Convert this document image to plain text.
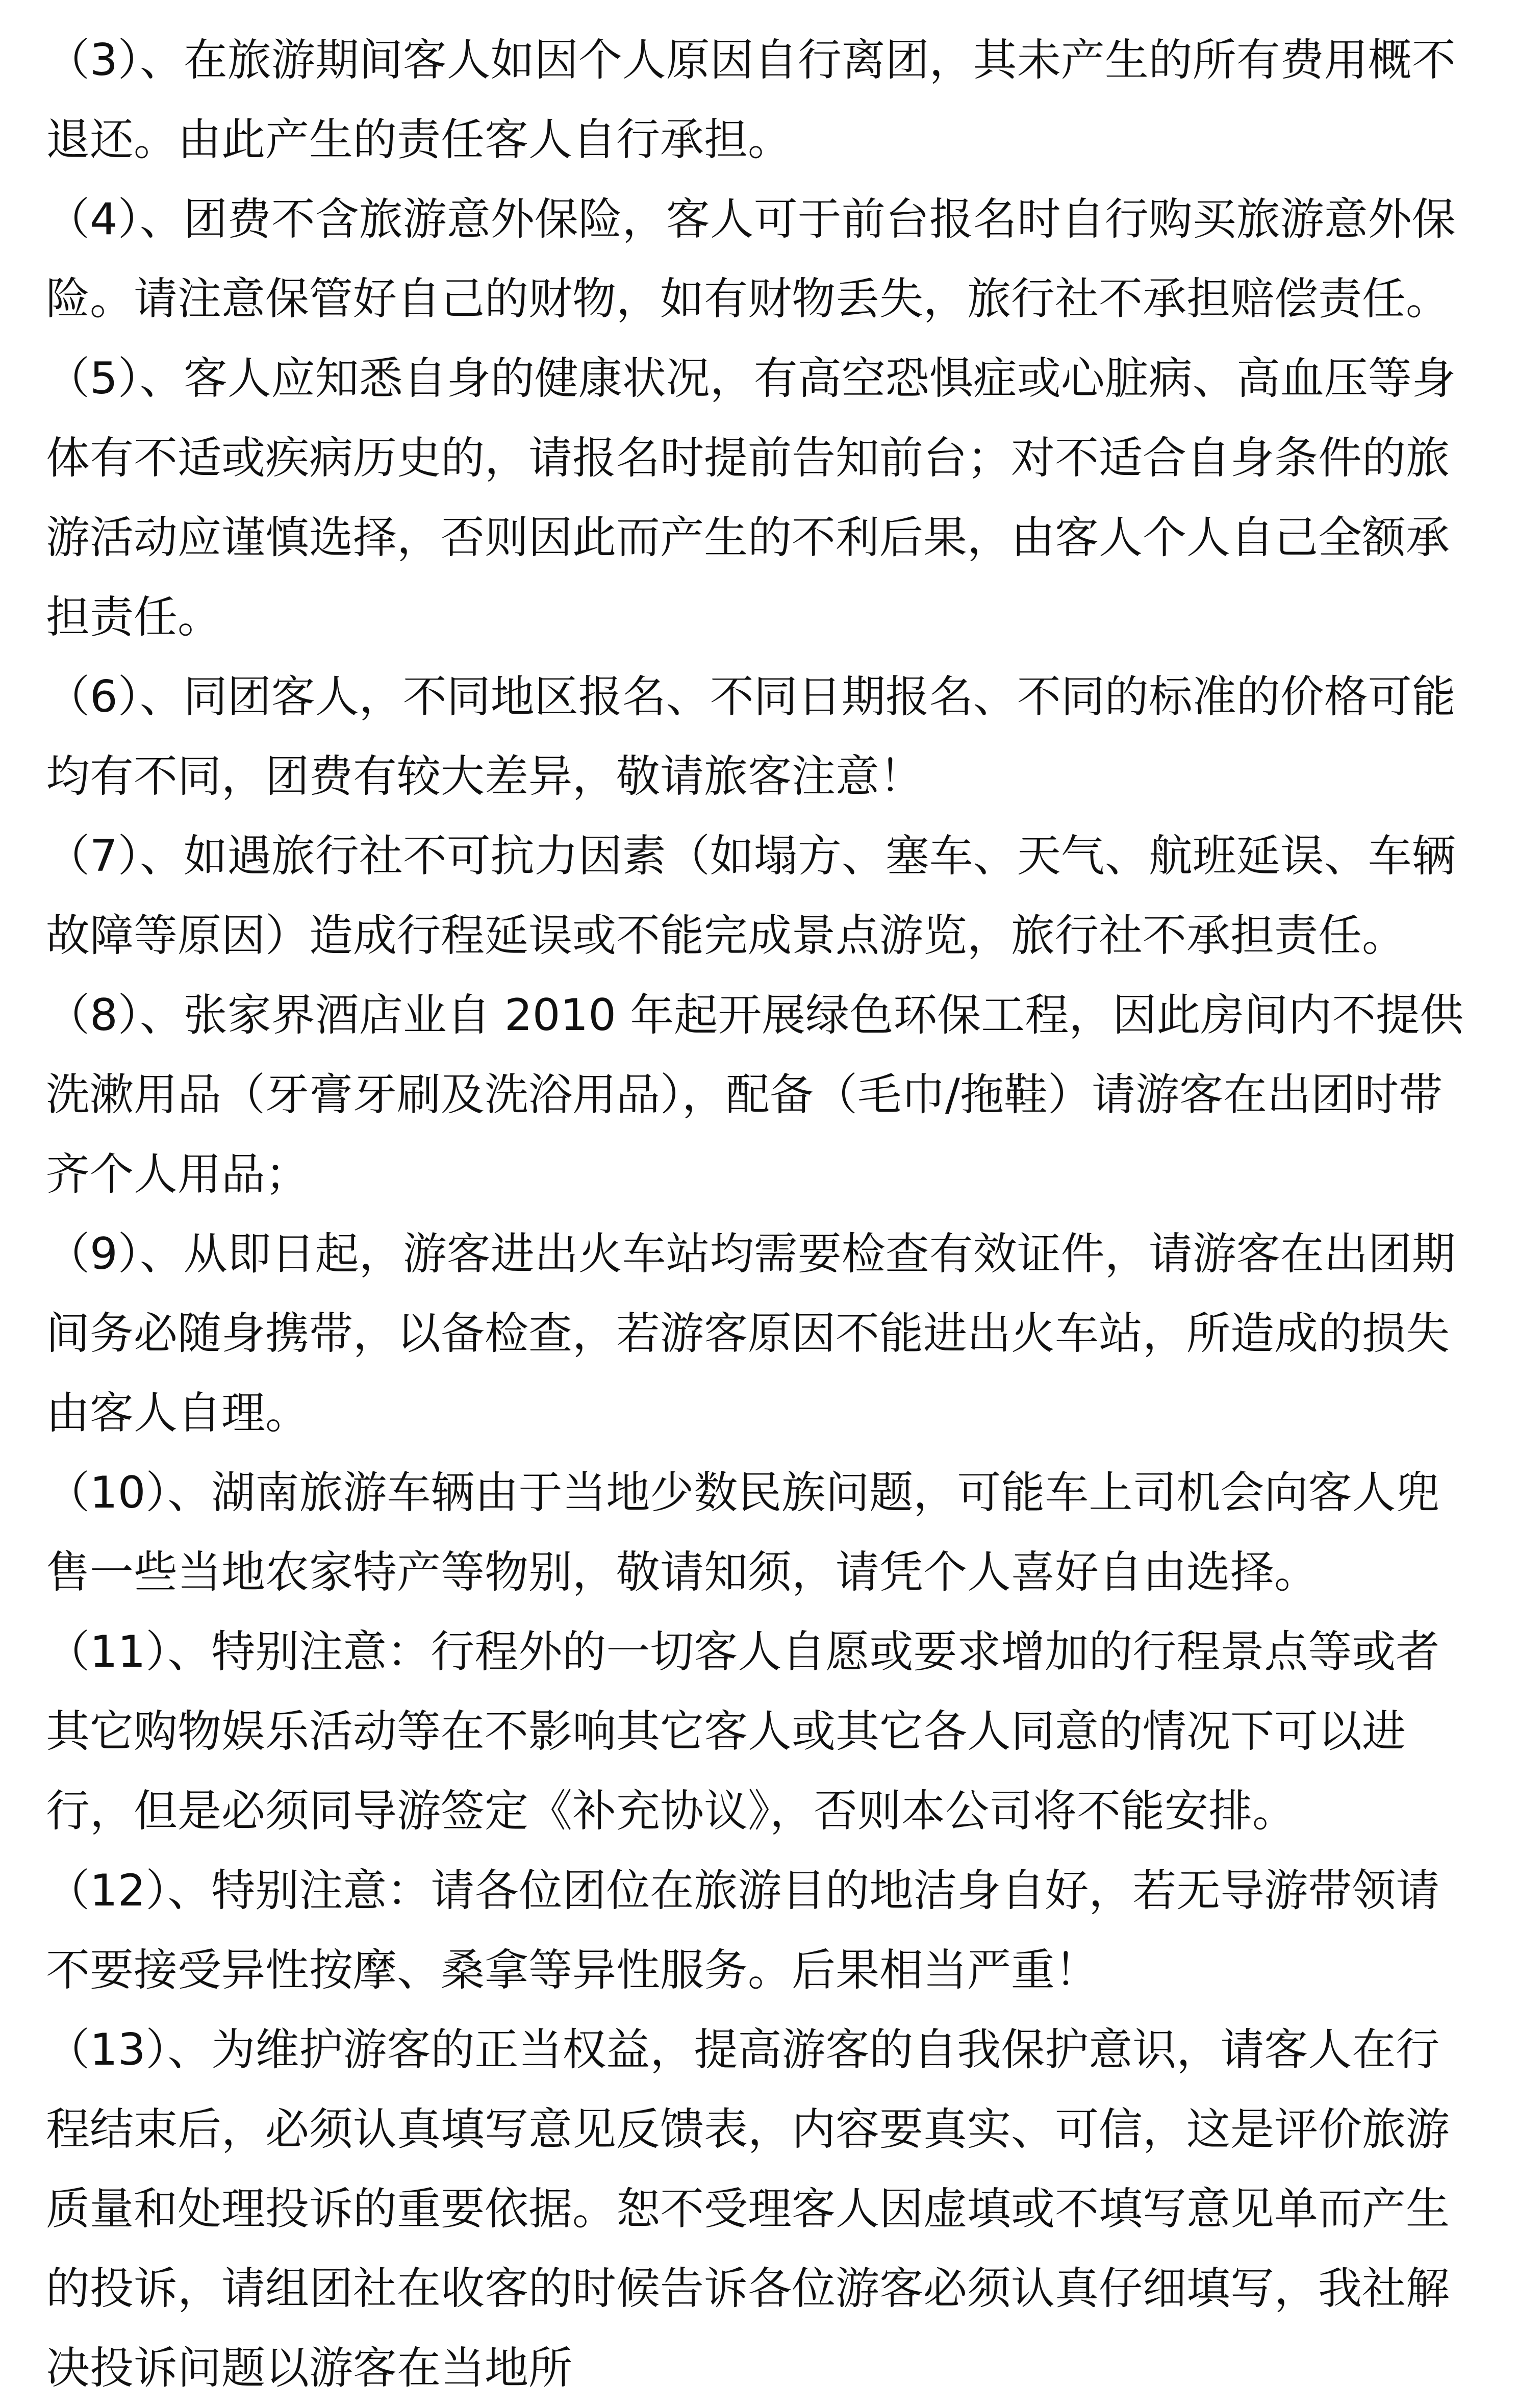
（3）、在旅游期间客人如因个人原因自行离团，其未产生的所有费用概不退还。由此产生的责任客人自行承担。

（4）、团费不含旅游意外保险，客人可于前台报名时自行购买旅游意外保险。请注意保管好自己的财物，如有财物丢失，旅行社不承担赔偿责任。

（5）、客人应知悉自身的健康状况，有高空恐惧症或心脏病、高血压等身体有不适或疾病历史的，请报名时提前告知前台；对不适合自身条件的旅游活动应谨慎选择，否则因此而产生的不利后果，由客人个人自己全额承担责任。

（6）、同团客人，不同地区报名、不同日期报名、不同的标准的价格可能均有不同，团费有较大差异，敬请旅客注意！

（7）、如遇旅行社不可抗力因素（如塌方、塞车、天气、航班延误、车辆故障等原因）造成行程延误或不能完成景点游览，旅行社不承担责任。

（8）、张家界酒店业自 2010 年起开展绿色环保工程，因此房间内不提供洗漱用品（牙膏牙刷及洗浴用品），配备（毛巾/拖鞋）请游客在出团时带齐个人用品；

（9）、从即日起，游客进出火车站均需要检查有效证件，请游客在出团期间务必随身携带，以备检查，若游客原因不能进出火车站，所造成的损失由客人自理。

（10）、湖南旅游车辆由于当地少数民族问题，可能车上司机会向客人兜售一些当地农家特产等物别，敬请知须，请凭个人喜好自由选择。

（11）、特别注意：行程外的一切客人自愿或要求增加的行程景点等或者其它购物娱乐活动等在不影响其它客人或其它各人同意的情况下可以进行，但是必须同导游签定《补充协议》，否则本公司将不能安排。

（12）、特别注意：请各位团位在旅游目的地洁身自好，若无导游带领请不要接受异性按摩、桑拿等异性服务。后果相当严重！

（13）、为维护游客的正当权益，提高游客的自我保护意识，请客人在行程结束后，必须认真填写意见反馈表，内容要真实、可信，这是评价旅游质量和处理投诉的重要依据。恕不受理客人因虚填或不填写意见单而产生的投诉，请组团社在收客的时候告诉各位游客必须认真仔细填写，我社解决投诉问题以游客在当地所
